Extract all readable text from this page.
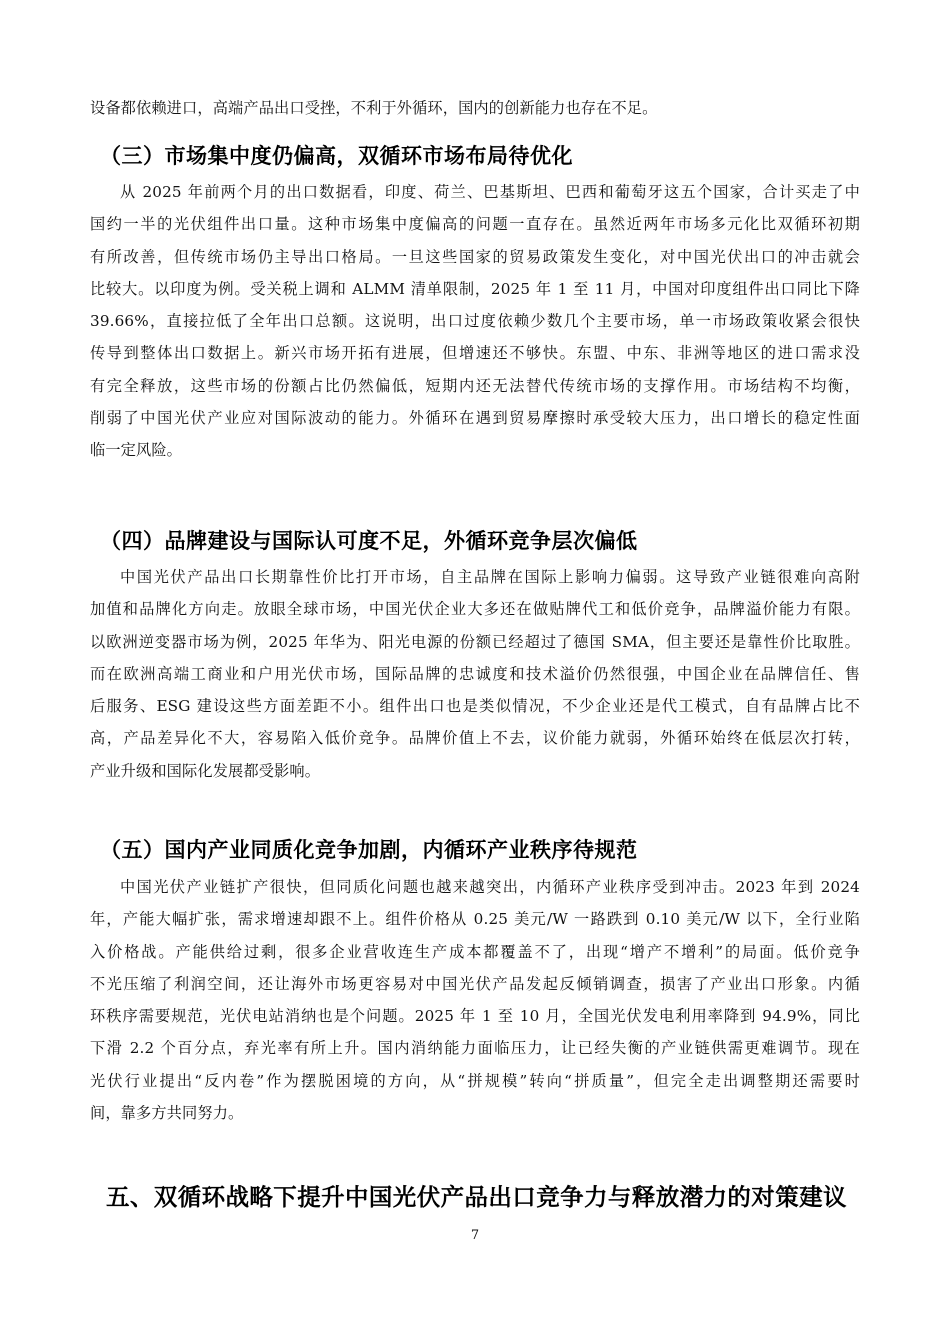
设备都依赖进口，高端产品出口受挫，不利于外循环，国内的创新能力也存在不足。
（三）市场集中度仍偏高，双循环市场布局待优化
从 2025 年前两个月的出口数据看，印度、荷兰、巴基斯坦、巴西和葡萄牙这五个国家，合计买走了中
国约一半的光伏组件出口量。这种市场集中度偏高的问题一直存在。虽然近两年市场多元化比双循环初期
有所改善，但传统市场仍主导出口格局。一旦这些国家的贸易政策发生变化，对中国光伏出口的冲击就会
比较大。以印度为例。受关税上调和 ALMM 清单限制，2025 年 1 至 11 月，中国对印度组件出口同比下降
39.66%，直接拉低了全年出口总额。这说明，出口过度依赖少数几个主要市场，单一市场政策收紧会很快
传导到整体出口数据上。新兴市场开拓有进展，但增速还不够快。东盟、中东、非洲等地区的进口需求没
有完全释放，这些市场的份额占比仍然偏低，短期内还无法替代传统市场的支撑作用。市场结构不均衡，
削弱了中国光伏产业应对国际波动的能力。外循环在遇到贸易摩擦时承受较大压力，出口增长的稳定性面
临一定风险。
（四）品牌建设与国际认可度不足，外循环竞争层次偏低
中国光伏产品出口长期靠性价比打开市场，自主品牌在国际上影响力偏弱。这导致产业链很难向高附
加值和品牌化方向走。放眼全球市场，中国光伏企业大多还在做贴牌代工和低价竞争，品牌溢价能力有限。
以欧洲逆变器市场为例，2025 年华为、阳光电源的份额已经超过了德国 SMA，但主要还是靠性价比取胜。
而在欧洲高端工商业和户用光伏市场，国际品牌的忠诚度和技术溢价仍然很强，中国企业在品牌信任、售
后服务、ESG 建设这些方面差距不小。组件出口也是类似情况，不少企业还是代工模式，自有品牌占比不
高，产品差异化不大，容易陷入低价竞争。品牌价值上不去，议价能力就弱，外循环始终在低层次打转，
产业升级和国际化发展都受影响。
（五）国内产业同质化竞争加剧，内循环产业秩序待规范
中国光伏产业链扩产很快，但同质化问题也越来越突出，内循环产业秩序受到冲击。2023 年到 2024
年，产能大幅扩张，需求增速却跟不上。组件价格从 0.25 美元/W 一路跌到 0.10 美元/W 以下，全行业陷
入价格战。产能供给过剩，很多企业营收连生产成本都覆盖不了，出现“增产不增利”的局面。低价竞争
不光压缩了利润空间，还让海外市场更容易对中国光伏产品发起反倾销调查，损害了产业出口形象。内循
环秩序需要规范，光伏电站消纳也是个问题。2025 年 1 至 10 月，全国光伏发电利用率降到 94.9%，同比
下滑 2.2 个百分点，弃光率有所上升。国内消纳能力面临压力，让已经失衡的产业链供需更难调节。现在
光伏行业提出“反内卷”作为摆脱困境的方向，从“拼规模”转向“拼质量”，但完全走出调整期还需要时
间，靠多方共同努力。
五、双循环战略下提升中国光伏产品出口竞争力与释放潜力的对策建议
7
